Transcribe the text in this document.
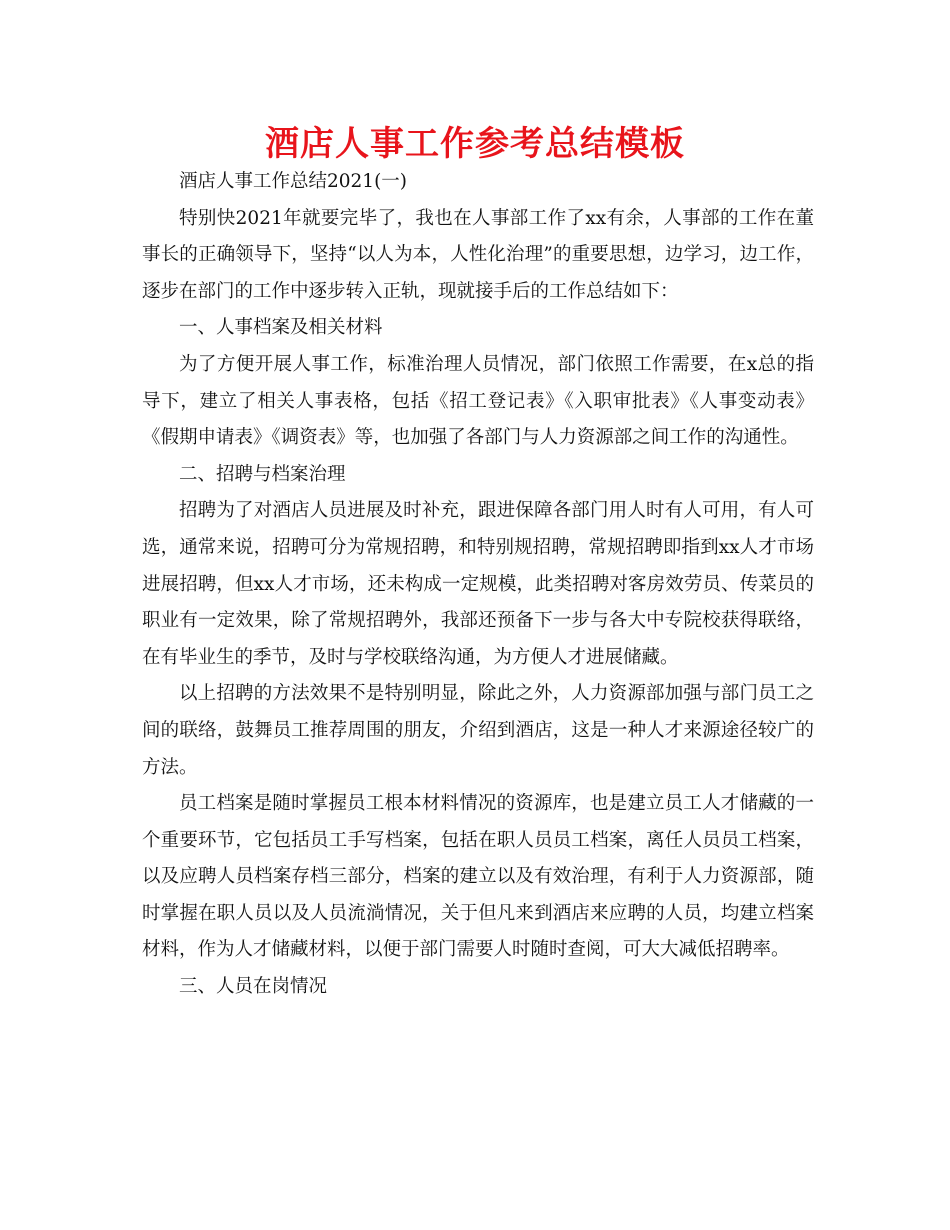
酒店人事工作参考总结模板

酒店人事工作总结2021(一)

特别快2021年就要完毕了，我也在人事部工作了xx有余，人事部的工作在董事长的正确领导下，坚持“以人为本，人性化治理”的重要思想，边学习，边工作，逐步在部门的工作中逐步转入正轨，现就接手后的工作总结如下：

一、人事档案及相关材料

为了方便开展人事工作，标准治理人员情况，部门依照工作需要，在x总的指导下，建立了相关人事表格，包括《招工登记表》《入职审批表》《人事变动表》《假期申请表》《调资表》等，也加强了各部门与人力资源部之间工作的沟通性。

二、招聘与档案治理

招聘为了对酒店人员进展及时补充，跟进保障各部门用人时有人可用，有人可选，通常来说，招聘可分为常规招聘，和特别规招聘，常规招聘即指到xx人才市场进展招聘，但xx人才市场，还未构成一定规模，此类招聘对客房效劳员、传菜员的职业有一定效果，除了常规招聘外，我部还预备下一步与各大中专院校获得联络，在有毕业生的季节，及时与学校联络沟通，为方便人才进展储藏。

以上招聘的方法效果不是特别明显，除此之外，人力资源部加强与部门员工之间的联络，鼓舞员工推荐周围的朋友，介绍到酒店，这是一种人才来源途径较广的方法。

员工档案是随时掌握员工根本材料情况的资源库，也是建立员工人才储藏的一个重要环节，它包括员工手写档案，包括在职人员员工档案，离任人员员工档案，以及应聘人员档案存档三部分，档案的建立以及有效治理，有利于人力资源部，随时掌握在职人员以及人员流淌情况，关于但凡来到酒店来应聘的人员，均建立档案材料，作为人才储藏材料，以便于部门需要人时随时查阅，可大大减低招聘率。

三、人员在岗情况
